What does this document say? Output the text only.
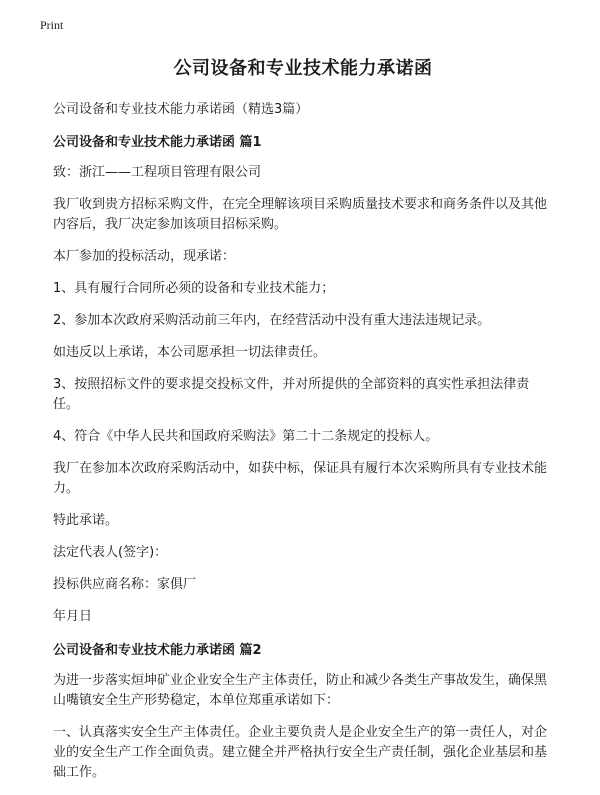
Print
公司设备和专业技术能力承诺函
公司设备和专业技术能力承诺函（精选3篇）
公司设备和专业技术能力承诺函 篇1

致：浙江——工程项目管理有限公司

我厂收到贵方招标采购文件，在完全理解该项目采购质量技术要求和商务条件以及其他内容后，我厂决定参加该项目招标采购。

本厂参加的投标活动，现承诺：

1、具有履行合同所必须的设备和专业技术能力；

2、参加本次政府采购活动前三年内，在经营活动中没有重大违法违规记录。

如违反以上承诺，本公司愿承担一切法律责任。

3、按照招标文件的要求提交投标文件，并对所提供的全部资料的真实性承担法律责任。

4、符合《中华人民共和国政府采购法》第二十二条规定的投标人。

我厂在参加本次政府采购活动中，如获中标，保证具有履行本次采购所具有专业技术能力。

特此承诺。

法定代表人(签字)：

投标供应商名称：家俱厂

年月日

公司设备和专业技术能力承诺函 篇2

为进一步落实烜坤矿业企业安全生产主体责任，防止和减少各类生产事故发生，确保黑山嘴镇安全生产形势稳定，本单位郑重承诺如下：

一、认真落实安全生产主体责任。企业主要负责人是企业安全生产的第一责任人，对企业的安全生产工作全面负责。建立健全并严格执行安全生产责任制，强化企业基层和基础工作。
